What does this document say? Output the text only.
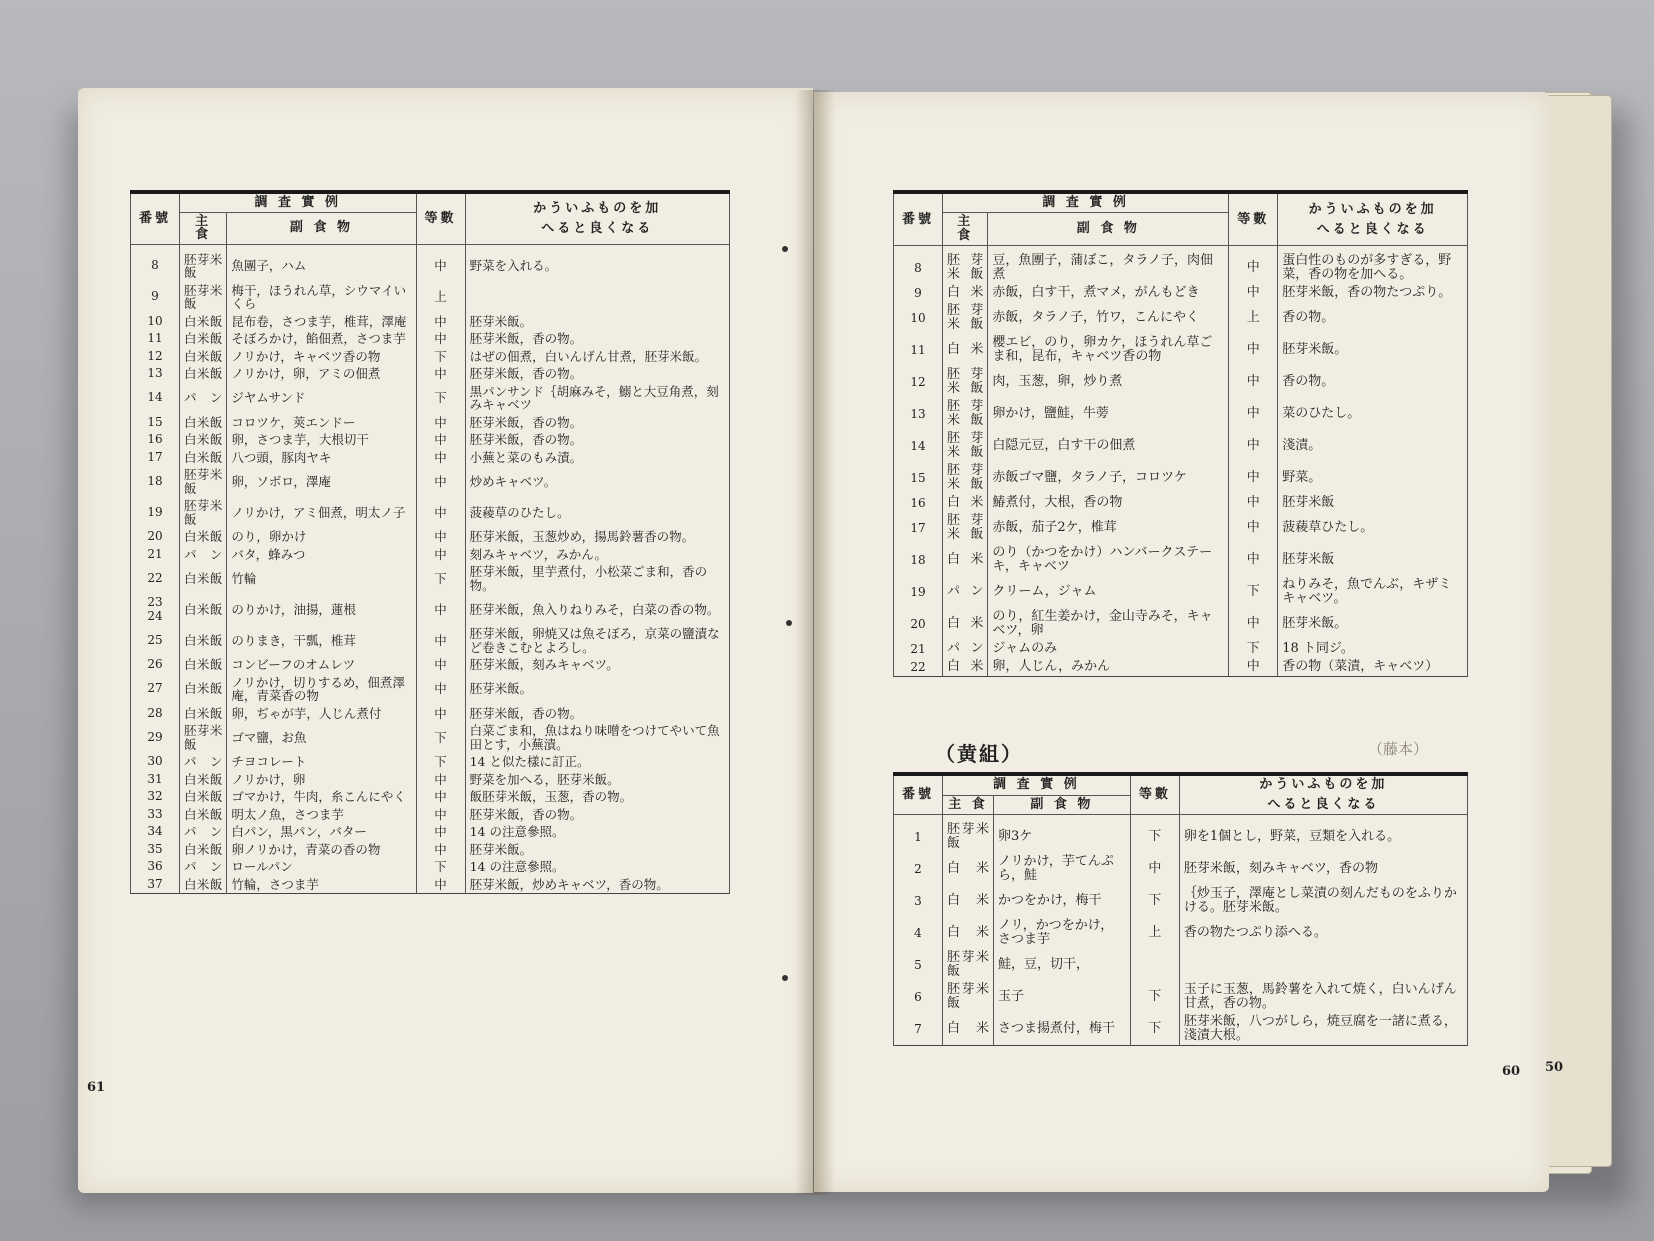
番號	調 査 實 例		等數	かういふものを加
へると良くなる

	主 食	副 食 物		
8	胚芽米飯	魚團子，ハム	中	野菜を入れる。
9	胚芽米飯	梅干，ほうれん草，シウマイいくら	上	
10	白米飯	昆布卷，さつま芋，椎茸，澤庵	中	胚芽米飯。
11	白米飯	そぼろかけ，餡佃煮，さつま芋	中	胚芽米飯，香の物。
12	白米飯	ノリかけ，キャベツ香の物	下	はぜの佃煮，白いんげん甘煮，胚芽米飯。
13	白米飯	ノリかけ，卵，アミの佃煮	中	胚芽米飯，香の物。
14	パン	ジヤムサンド	下	黒パンサンド｛胡麻みそ，鰯と大豆角煮，刻みキャベツ
15	白米飯	コロツケ，莢エンドー	中	胚芽米飯，香の物。
16	白米飯	卵，さつま芋，大根切干	中	胚芽米飯，香の物。
17	白米飯	八つ頭，豚肉ヤキ	中	小蕪と菜のもみ漬。
18	胚芽米飯	卵，ソボロ，澤庵	中	炒めキャベツ。
19	胚芽米飯	ノリかけ，アミ佃煮，明太ノ子	中	菠薐草のひたし。
20	白米飯	のり，卵かけ	中	胚芽米飯，玉葱炒め，揚馬鈴薯香の物。
21	パン	バタ，蜂みつ	中	刻みキャベツ，みかん。
22	白米飯	竹輪	下	胚芽米飯，里芋煮付，小松菜ごま和，香の物。
23
24	白米飯	のりかけ，油揚，蓮根	中	胚芽米飯，魚入りねりみそ，白菜の香の物。
25	白米飯	のりまき，干瓢，椎茸	中	胚芽米飯，卵焼又は魚そぼろ，京菜の鹽漬など卷きこむとよろし。
26	白米飯	コンビーフのオムレツ	中	胚芽米飯，刻みキャベツ。
27	白米飯	ノリかけ，切りするめ，佃煮澤庵，青菜香の物	中	胚芽米飯。
28	白米飯	卵，ぢゃが芋，人じん煮付	中	胚芽米飯，香の物。
29	胚芽米飯	ゴマ鹽，お魚	下	白菜ごま和，魚はねり味噌をつけてやいて魚田とす，小蕪漬。
30	パン	チヨコレート	下	14 と似た樣に訂正。
31	白米飯	ノリかけ，卵	中	野菜を加へる，胚芽米飯。
32	白米飯	ゴマかけ，牛肉，糸こんにやく	中	飯胚芽米飯，玉葱，香の物。
33	白米飯	明太ノ魚，さつま芋	中	胚芽米飯，香の物。
34	パン	白パン，黒パン，バター	中	14 の注意參照。
35	白米飯	卵ノリかけ，青菜の香の物	中	胚芽米飯。
36	パン	ロールパン	下	14 の注意參照。
37	白米飯	竹輪，さつま芋	中	胚芽米飯，炒めキャベツ，香の物。
番號	調 査 實 例		等數	かういふものを加
へると良くなる

	主 食	副 食 物		
8	胚芽米飯	豆，魚團子，蒲ぼこ，タラノ子，肉佃煮	中	蛋白性のものが多すぎる，野菜，香の物を加へる。
9	白米	赤飯，白す干，煮マメ，がんもどき	中	胚芽米飯，香の物たつぷり。
10	胚芽米飯	赤飯，タラノ子，竹ワ，こんにやく	上	香の物。
11	白米	櫻エビ，のり，卵カケ，ほうれん草ごま和，昆布，キャベツ香の物	中	胚芽米飯。
12	胚芽米飯	肉，玉葱，卵，炒り煮	中	香の物。
13	胚芽米飯	卵かけ，鹽鮭，牛蒡	中	菜のひたし。
14	胚芽米飯	白隠元豆，白す干の佃煮	中	淺漬。
15	胚芽米飯	赤飯ゴマ鹽，タラノ子，コロツケ	中	野菜。
16	白米	鰆煮付，大根，香の物	中	胚芽米飯
17	胚芽米飯	赤飯，茄子2ケ，椎茸	中	菠薐草ひたし。
18	白米	のり（かつをかけ）ハンバークステーキ，キャベツ	中	胚芽米飯
19	パン	クリーム，ジャム	下	ねりみそ，魚でんぶ，キザミキャベツ。
20	白米	のり，紅生姜かけ，金山寺みそ，キャベツ，卵	中	胚芽米飯。
21	パン	ジャムのみ	下	18 ト同ジ。
22	白米	卵，人じん，みかん	中	香の物（菜漬，キャベツ）
（黄組）	（藤本）
番號	調 査 實 例		等數	かういふものを加
へると良くなる

	主 食	副 食 物		
1	胚芽米飯	卵3ケ	下	卵を1個とし，野菜，豆類を入れる。
2	白米	ノリかけ，芋てんぷら，鮭	中	胚芽米飯，刻みキャベツ，香の物
3	白米	かつをかけ，梅干	下	｛炒玉子，澤庵とし菜漬の刻んだものをふりかける。胚芽米飯。
4	白米	ノリ，かつをかけ，さつま芋	上	香の物たつぷり添へる。
5	胚芽米飯	鮭，豆，切干，		
6	胚芽米飯	玉子	下	玉子に玉葱，馬鈴薯を入れて焼く，白いんげん甘煮，香の物。
7	白米	さつま揚煮付，梅干	下	胚芽米飯，八つがしら，焼豆腐を一諸に煮る，淺漬大根。
61
60 50
